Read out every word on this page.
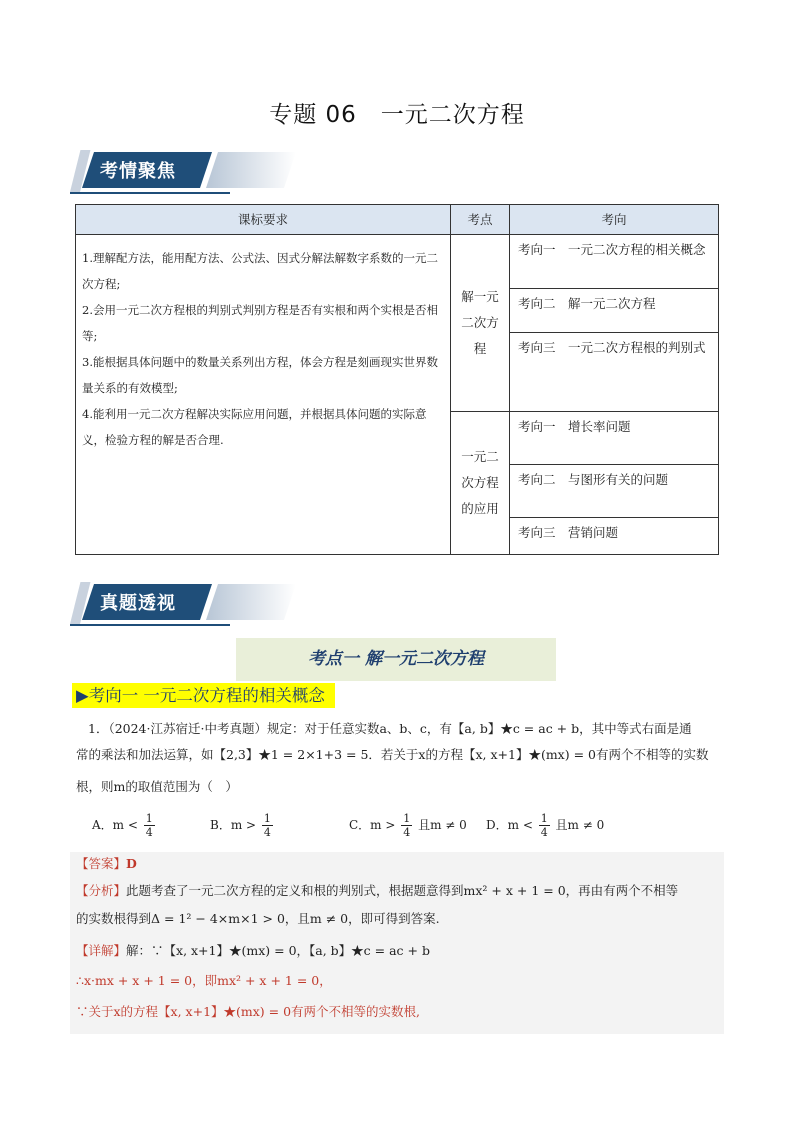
专题 06　一元二次方程
考情聚焦
课标要求	考点	考向

1.理解配方法，能用配方法、公式法、因式分解法解数字系数的一元二次方程;
2.会用一元二次方程根的判别式判别方程是否有实根和两个实根是否相等;
3.能根据具体问题中的数量关系列出方程，体会方程是刻画现实世界数量关系的有效模型;
4.能利用一元二次方程解决实际应用问题，并根据具体问题的实际意义，检验方程的解是否合理.	解一元二次方程	考向一　一元二次方程的相关概念
		考向二　解一元二次方程
		考向三　一元二次方程根的判别式
	一元二次方程的应用	考向一　增长率问题
		考向二　与图形有关的问题
		考向三　营销问题
真题透视
考点一 解一元二次方程
▶考向一 一元二次方程的相关概念
1．（2024·江苏宿迁·中考真题）规定：对于任意实数a、b、c，有【a, b】★c = ac + b，其中等式右面是通
常的乘法和加法运算，如【2,3】★1 = 2×1+3 = 5．若关于x的方程【x, x+1】★(mx) = 0有两个不相等的实数
根，则m的取值范围为（　）
A．$m < \frac{1}{4}$	B．$m > \frac{1}{4}$	C．$m > \frac{1}{4}$ 且m ≠ 0 D．$m < \frac{1}{4}$ 且m ≠ 0
【答案】D
【分析】此题考查了一元二次方程的定义和根的判别式，根据题意得到mx² + x + 1 = 0，再由有两个不相等
的实数根得到Δ = 1² − 4×m×1 > 0，且m ≠ 0，即可得到答案.
【详解】解：∵【x, x+1】★(mx) = 0，【a, b】★c = ac + b
∴x·mx + x + 1 = 0，即mx² + x + 1 = 0，
∵关于x的方程【x, x+1】★(mx) = 0有两个不相等的实数根,
